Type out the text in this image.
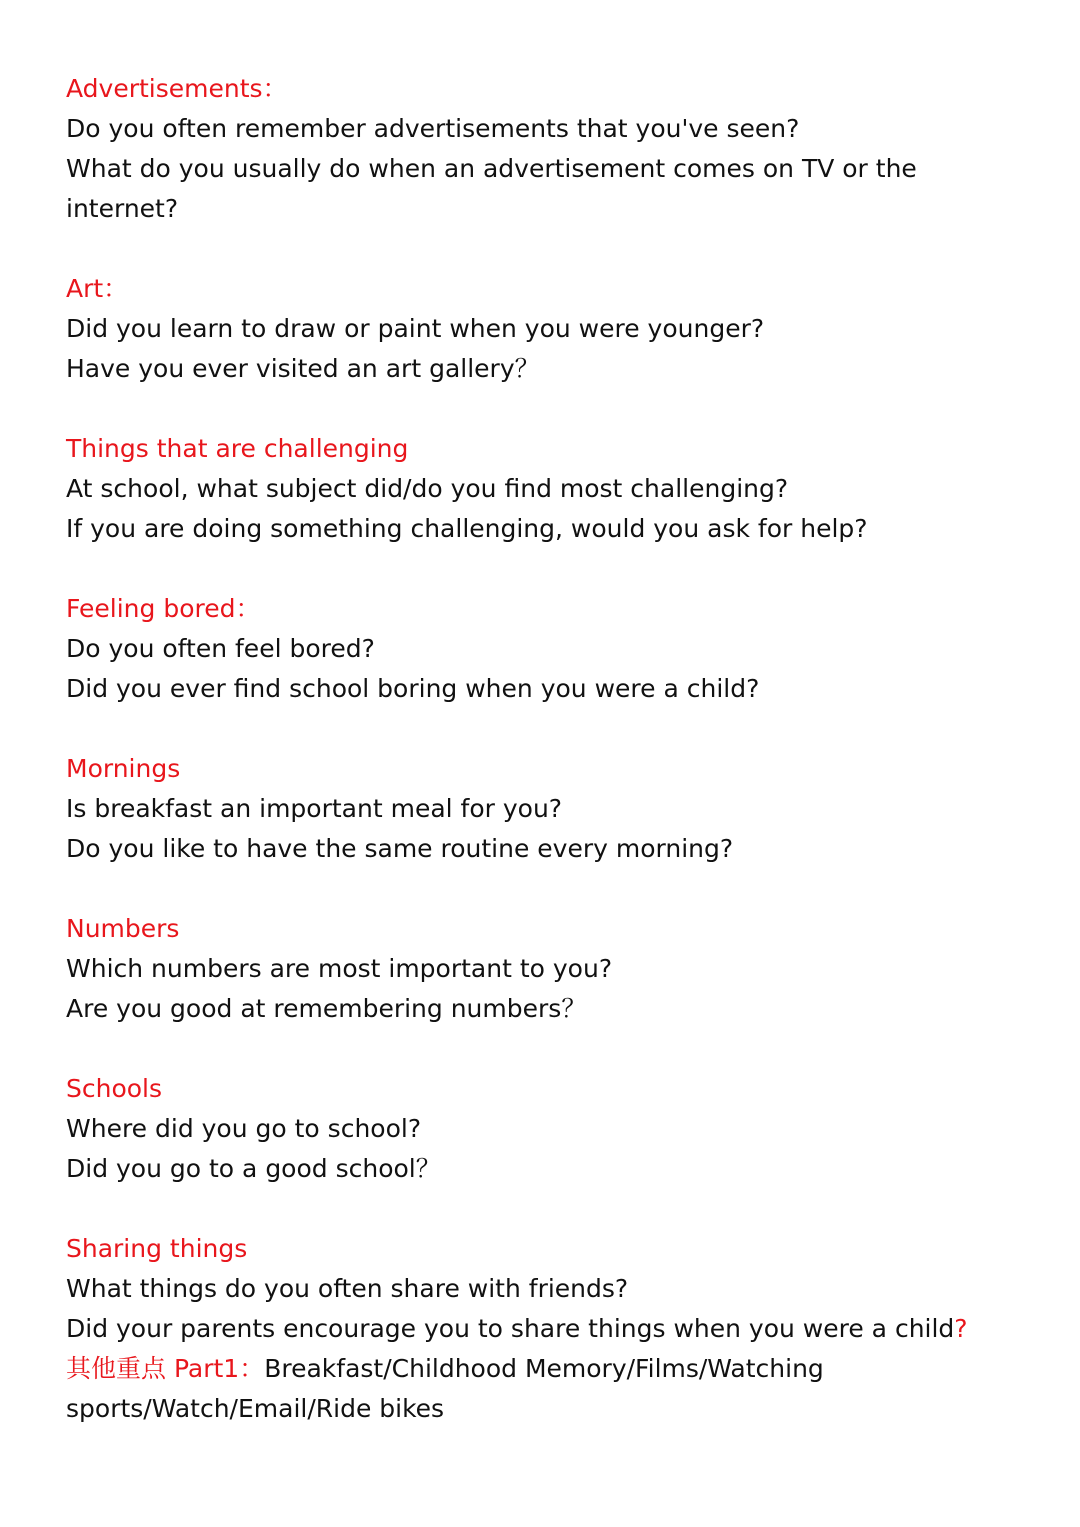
Advertisements：
Do you often remember advertisements that you've seen?
What do you usually do when an advertisement comes on TV or the
internet?
Art：
Did you learn to draw or paint when you were younger?
Have you ever visited an art gallery？
Things that are challenging
At school, what subject did/do you find most challenging?
If you are doing something challenging, would you ask for help?
Feeling bored：
Do you often feel bored?
Did you ever find school boring when you were a child?
Mornings
Is breakfast an important meal for you?
Do you like to have the same routine every morning?
Numbers
Which numbers are most important to you?
Are you good at remembering numbers？
Schools
Where did you go to school?
Did you go to a good school？
Sharing things
What things do you often share with friends?
Did your parents encourage you to share things when you were a child?
其他重点 Part1：Breakfast/Childhood Memory/Films/Watching
sports/Watch/Email/Ride bikes
